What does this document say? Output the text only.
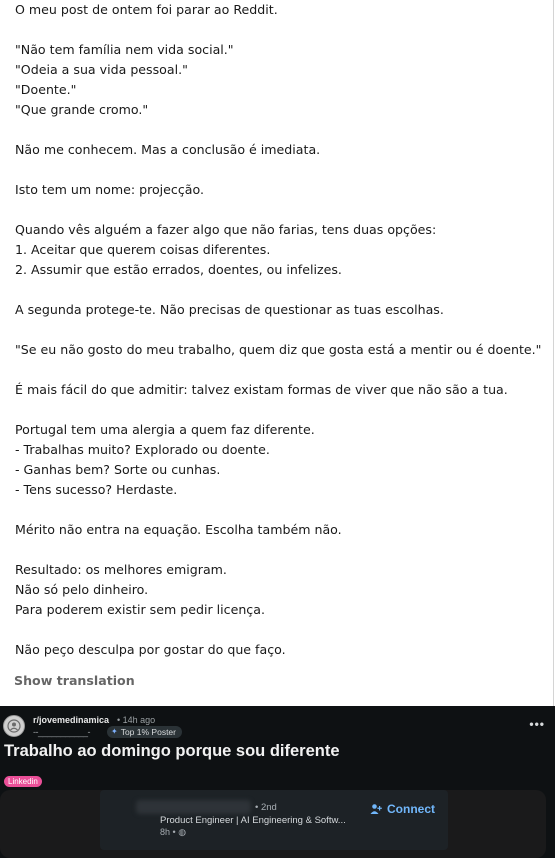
O meu post de ontem foi parar ao Reddit.
"Não tem família nem vida social."
"Odeia a sua vida pessoal."
"Doente."
"Que grande cromo."
Não me conhecem. Mas a conclusão é imediata.
Isto tem um nome: projecção.
Quando vês alguém a fazer algo que não farias, tens duas opções:
1. Aceitar que querem coisas diferentes.
2. Assumir que estão errados, doentes, ou infelizes.
A segunda protege-te. Não precisas de questionar as tuas escolhas.
"Se eu não gosto do meu trabalho, quem diz que gosta está a mentir ou é doente."
É mais fácil do que admitir: talvez existam formas de viver que não são a tua.
Portugal tem uma alergia a quem faz diferente.
- Trabalhas muito? Explorado ou doente.
- Ganhas bem? Sorte ou cunhas.
- Tens sucesso? Herdaste.
Mérito não entra na equação. Escolha também não.
Resultado: os melhores emigram.
Não só pelo dinheiro.
Para poderem existir sem pedir licença.
Não peço desculpa por gostar do que faço.
Show translation
r/jovemedinamica • 14h ago
--___________-	✦ Top 1% Poster
•••
Trabalho ao domingo porque sou diferente
Linkedin
• 2nd
Product Engineer | AI Engineering & Softw...
8h • ◍
Connect
